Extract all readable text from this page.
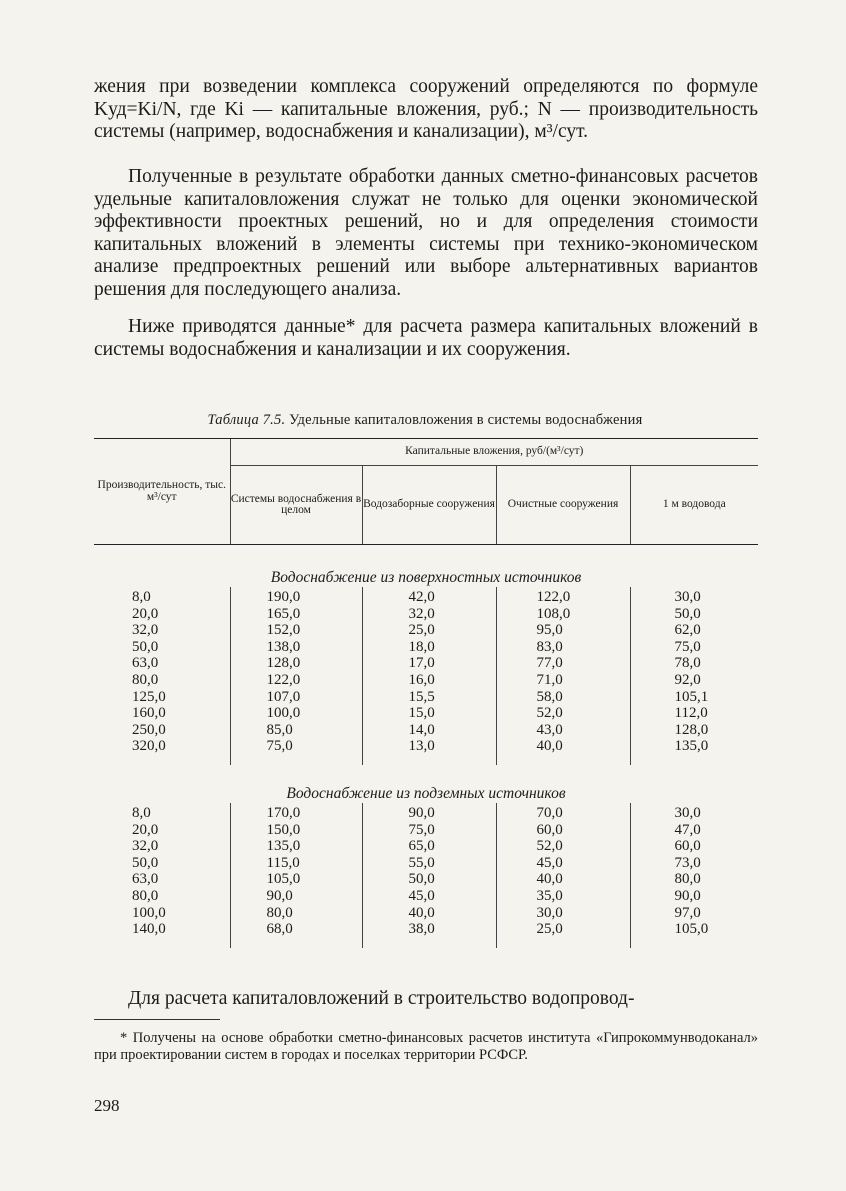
жения при возведении комплекса сооружений определяются по формуле Kуд=Ki/N, где Ki — капитальные вложения, руб.; N — производительность системы (например, водоснабжения и канализации), м³/сут.

Полученные в результате обработки данных сметно-финансовых расчетов удельные капиталовложения служат не только для оценки экономической эффективности проектных решений, но и для определения стоимости капитальных вложений в элементы системы при технико-экономическом анализе предпроектных решений или выборе альтернативных вариантов решения для последующего анализа.

Ниже приводятся данные* для расчета размера капитальных вложений в системы водоснабжения и канализации и их сооружения.

Таблица 7.5. Удельные капиталовложения в системы водоснабжения
Производительность, тыс. м³/сут	Капитальные вложения, руб/(м³/сут)			
	Системы водоснабжения в целом	Водозаборные сооружения	Очистные сооружения	1 м водовода
Водоснабжение из поверхностных источников				
8,0	190,0	42,0	122,0	30,0
20,0	165,0	32,0	108,0	50,0
32,0	152,0	25,0	95,0	62,0
50,0	138,0	18,0	83,0	75,0
63,0	128,0	17,0	77,0	78,0
80,0	122,0	16,0	71,0	92,0
125,0	107,0	15,5	58,0	105,1
160,0	100,0	15,0	52,0	112,0
250,0	85,0	14,0	43,0	128,0
320,0	75,0	13,0	40,0	135,0

Водоснабжение из подземных источников				
8,0	170,0	90,0	70,0	30,0
20,0	150,0	75,0	60,0	47,0
32,0	135,0	65,0	52,0	60,0
50,0	115,0	55,0	45,0	73,0
63,0	105,0	50,0	40,0	80,0
80,0	90,0	45,0	35,0	90,0
100,0	80,0	40,0	30,0	97,0
140,0	68,0	38,0	25,0	105,0

Для расчета капиталовложений в строительство водопровод-

* Получены на основе обработки сметно-финансовых расчетов института «Гипрокоммунводоканал» при проектировании систем в городах и поселках территории РСФСР.

298
